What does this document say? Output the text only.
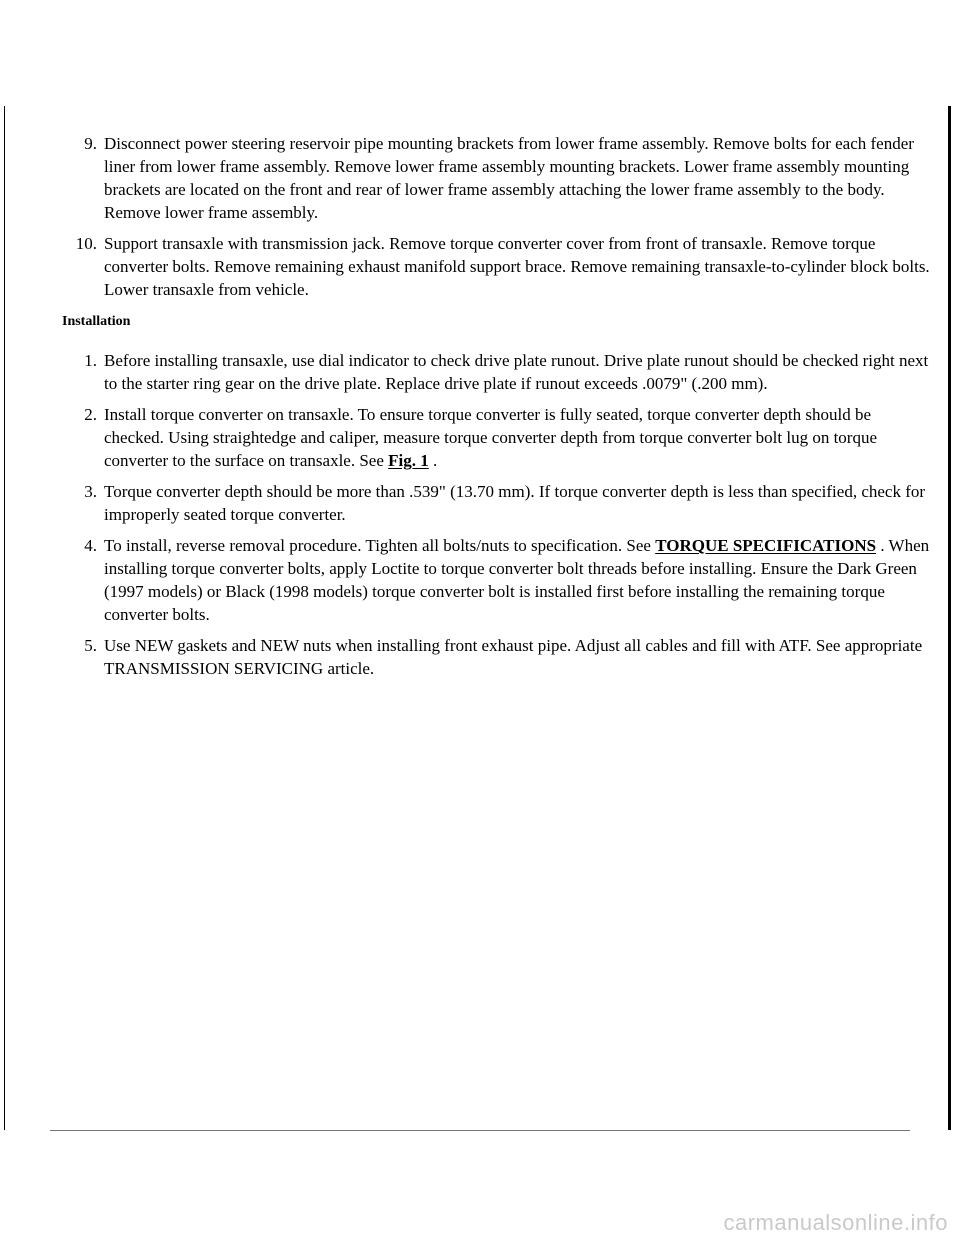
9. Disconnect power steering reservoir pipe mounting brackets from lower frame assembly. Remove bolts for each fender liner from lower frame assembly. Remove lower frame assembly mounting brackets. Lower frame assembly mounting brackets are located on the front and rear of lower frame assembly attaching the lower frame assembly to the body. Remove lower frame assembly.
10. Support transaxle with transmission jack. Remove torque converter cover from front of transaxle. Remove torque converter bolts. Remove remaining exhaust manifold support brace. Remove remaining transaxle-to-cylinder block bolts. Lower transaxle from vehicle.
Installation
1. Before installing transaxle, use dial indicator to check drive plate runout. Drive plate runout should be checked right next to the starter ring gear on the drive plate. Replace drive plate if runout exceeds .0079" (.200 mm).
2. Install torque converter on transaxle. To ensure torque converter is fully seated, torque converter depth should be checked. Using straightedge and caliper, measure torque converter depth from torque converter bolt lug on torque converter to the surface on transaxle. See Fig. 1 .
3. Torque converter depth should be more than .539" (13.70 mm). If torque converter depth is less than specified, check for improperly seated torque converter.
4. To install, reverse removal procedure. Tighten all bolts/nuts to specification. See TORQUE SPECIFICATIONS . When installing torque converter bolts, apply Loctite to torque converter bolt threads before installing. Ensure the Dark Green (1997 models) or Black (1998 models) torque converter bolt is installed first before installing the remaining torque converter bolts.
5. Use NEW gaskets and NEW nuts when installing front exhaust pipe. Adjust all cables and fill with ATF. See appropriate TRANSMISSION SERVICING article.
carmanualsonline.info
